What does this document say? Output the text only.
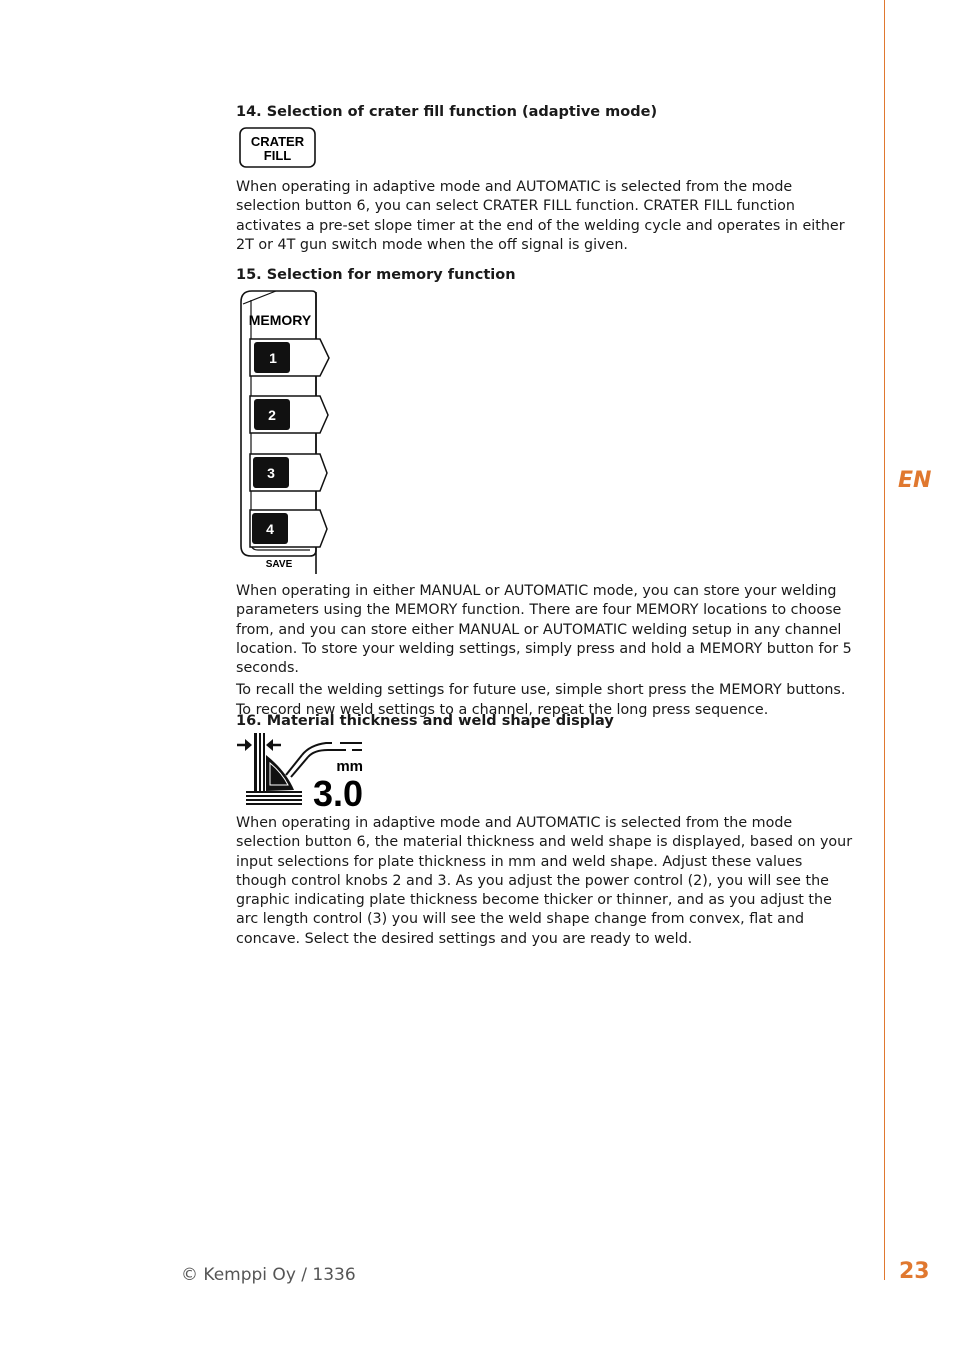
EN
14. Selection of crater fill function (adaptive mode)
CRATER
FILL

When operating in adaptive mode and AUTOMATIC is selected from the mode selection button 6, you can select CRATER FILL function. CRATER FILL function activates a pre-set slope timer at the end of the welding cycle and operates in either 2T or 4T gun switch mode when the off signal is given.

15. Selection for memory function
MEMORY
1
2
3
4
SAVE

When operating in either MANUAL or AUTOMATIC mode, you can store your welding parameters using the MEMORY function. There are four MEMORY locations to choose from, and you can store either MANUAL or AUTOMATIC welding setup in any channel location. To store your welding settings, simply press and hold a MEMORY button for 5 seconds.

To recall the welding settings for future use, simple short press the MEMORY buttons. To record new weld settings to a channel, repeat the long press sequence.

16. Material thickness and weld shape display
mm
3.0

When operating in adaptive mode and AUTOMATIC is selected from the mode selection button 6, the material thickness and weld shape is displayed, based on your input selections for plate thickness in mm and weld shape. Adjust these values though control knobs 2 and 3. As you adjust the power control (2), you will see the graphic indicating plate thickness become thicker or thinner, and as you adjust the arc length control (3) you will see the weld shape change from convex, flat and concave. Select the desired settings and you are ready to weld.

© Kemppi Oy / 1336	23
